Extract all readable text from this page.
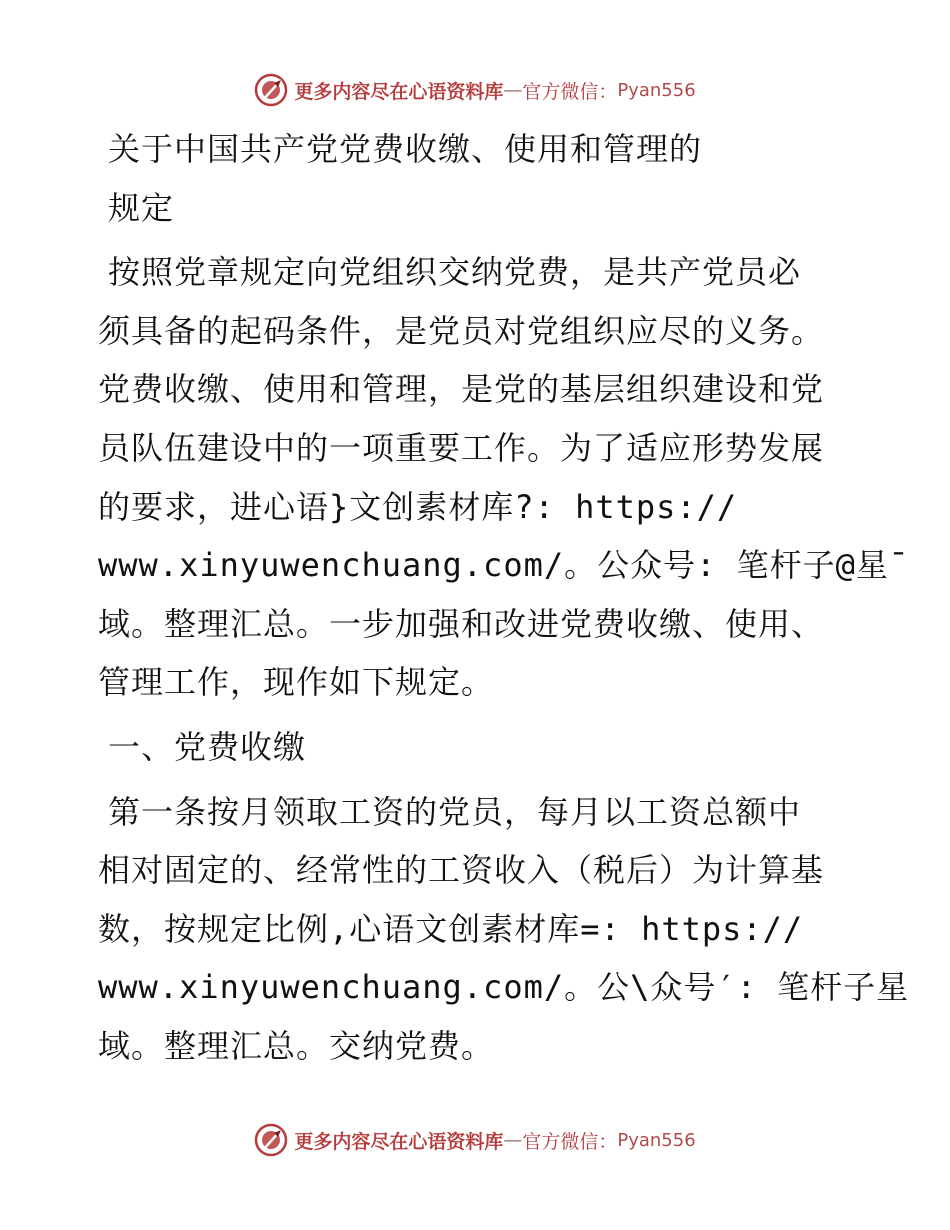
更多内容尽在心语资料库 — 官方微信： Pyan556
关于中国共产党党费收缴、使用和管理的
规定
按照党章规定向党组织交纳党费，是共产党员必
须具备的起码条件，是党员对党组织应尽的义务。
党费收缴、使用和管理，是党的基层组织建设和党
员队伍建设中的一项重要工作。为了适应形势发展
的要求，进心语}文创素材库?: https://
www.xinyuwenchuang.com/。公众号: 笔杆子@星¯
域。整理汇总。一步加强和改进党费收缴、使用、
管理工作，现作如下规定。
一、党费收缴
第一条按月领取工资的党员，每月以工资总额中
相对固定的、经常性的工资收入（税后）为计算基
数，按规定比例,心语文创素材库=: https://
www.xinyuwenchuang.com/。公\众号′: 笔杆子星
域。整理汇总。交纳党费。
更多内容尽在心语资料库 — 官方微信： Pyan556
